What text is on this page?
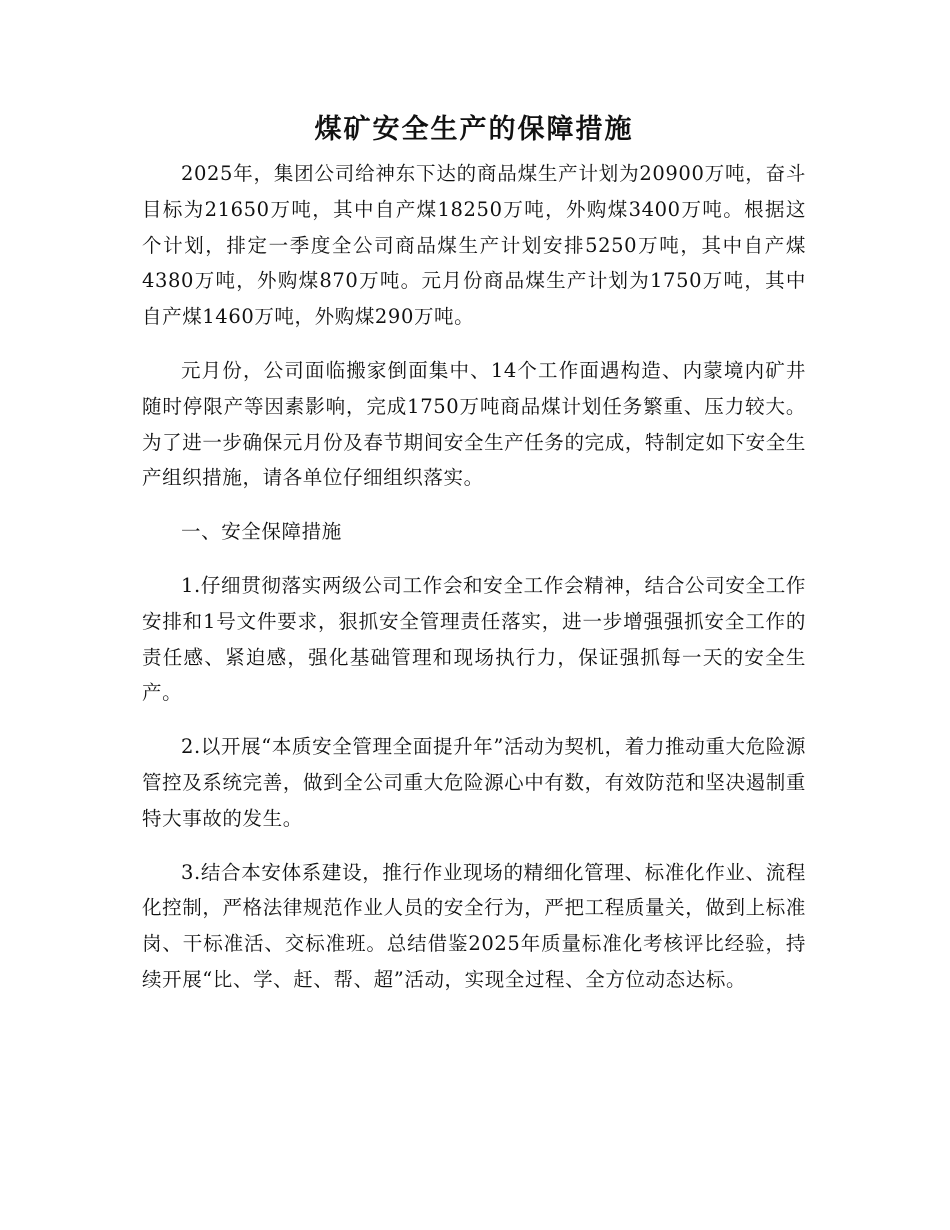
煤矿安全生产的保障措施

2025年，集团公司给神东下达的商品煤生产计划为20900万吨，奋斗目标为21650万吨，其中自产煤18250万吨，外购煤3400万吨。根据这个计划，排定一季度全公司商品煤生产计划安排5250万吨，其中自产煤4380万吨，外购煤870万吨。元月份商品煤生产计划为1750万吨，其中自产煤1460万吨，外购煤290万吨。

元月份，公司面临搬家倒面集中、14个工作面遇构造、内蒙境内矿井随时停限产等因素影响，完成1750万吨商品煤计划任务繁重、压力较大。为了进一步确保元月份及春节期间安全生产任务的完成，特制定如下安全生产组织措施，请各单位仔细组织落实。

一、安全保障措施

1.仔细贯彻落实两级公司工作会和安全工作会精神，结合公司安全工作安排和1号文件要求，狠抓安全管理责任落实，进一步增强强抓安全工作的责任感、紧迫感，强化基础管理和现场执行力，保证强抓每一天的安全生产。

2.以开展“本质安全管理全面提升年”活动为契机，着力推动重大危险源管控及系统完善，做到全公司重大危险源心中有数，有效防范和坚决遏制重特大事故的发生。

3.结合本安体系建设，推行作业现场的精细化管理、标准化作业、流程化控制，严格法律规范作业人员的安全行为，严把工程质量关，做到上标准岗、干标准活、交标准班。总结借鉴2025年质量标准化考核评比经验，持续开展“比、学、赶、帮、超”活动，实现全过程、全方位动态达标。
